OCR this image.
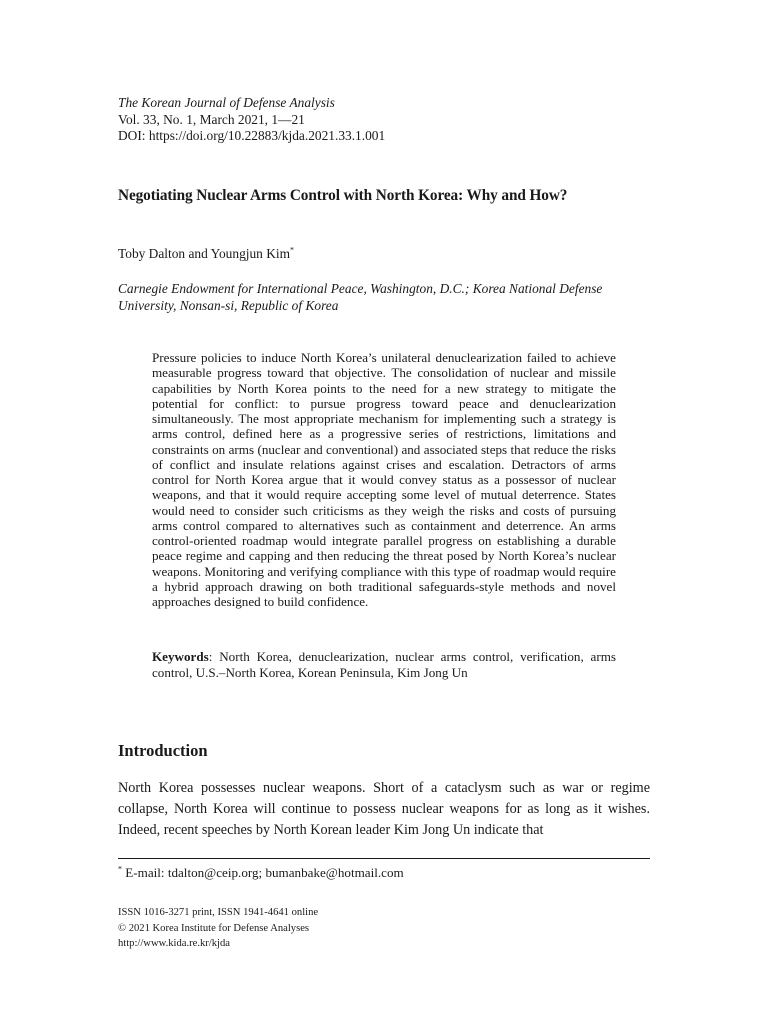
The Korean Journal of Defense Analysis
Vol. 33, No. 1, March 2021, 1—21
DOI: https://doi.org/10.22883/kjda.2021.33.1.001
Negotiating Nuclear Arms Control with North Korea: Why and How?
Toby Dalton and Youngjun Kim*
Carnegie Endowment for International Peace, Washington, D.C.; Korea National Defense University, Nonsan-si, Republic of Korea

Pressure policies to induce North Korea’s unilateral denuclearization failed to achieve measurable progress toward that objective. The consolidation of nuclear and missile capabilities by North Korea points to the need for a new strategy to mitigate the potential for conflict: to pursue progress toward peace and denuclearization simultaneously. The most appropriate mechanism for implementing such a strategy is arms control, defined here as a progressive series of restrictions, limitations and constraints on arms (nuclear and conventional) and associated steps that reduce the risks of conflict and insulate relations against crises and escalation. Detractors of arms control for North Korea argue that it would convey status as a possessor of nuclear weapons, and that it would require accepting some level of mutual deterrence. States would need to consider such criticisms as they weigh the risks and costs of pursuing arms control compared to alternatives such as containment and deterrence. An arms control-oriented roadmap would integrate parallel progress on establishing a durable peace regime and capping and then reducing the threat posed by North Korea’s nuclear weapons. Monitoring and verifying compliance with this type of roadmap would require a hybrid approach drawing on both traditional safeguards-style methods and novel approaches designed to build confidence.

Keywords: North Korea, denuclearization, nuclear arms control, verification, arms control, U.S.–North Korea, Korean Peninsula, Kim Jong Un

Introduction

North Korea possesses nuclear weapons. Short of a cataclysm such as war or regime collapse, North Korea will continue to possess nuclear weapons for as long as it wishes. Indeed, recent speeches by North Korean leader Kim Jong Un indicate that

* E-mail: tdalton@ceip.org; bumanbake@hotmail.com
ISSN 1016-3271 print, ISSN 1941-4641 online
© 2021 Korea Institute for Defense Analyses
http://www.kida.re.kr/kjda
